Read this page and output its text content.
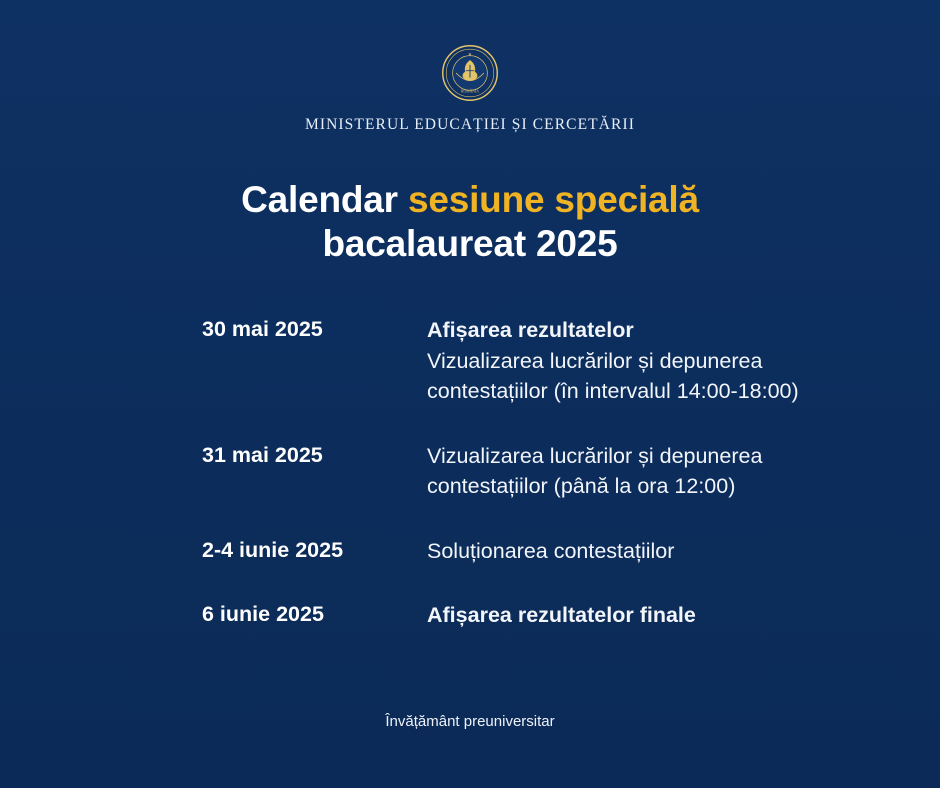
★
ROMÂNIA
MINISTERUL EDUCAȚIEI ȘI CERCETĂRII
Calendar sesiune specială
bacalaureat 2025
30 mai 2025	Afișarea rezultatelor
Vizualizarea lucrărilor și depunerea contestațiilor (în intervalul 14:00-18:00)
31 mai 2025	Vizualizarea lucrărilor și depunerea contestațiilor (până la ora 12:00)
2-4 iunie 2025	Soluționarea contestațiilor
6 iunie 2025	Afișarea rezultatelor finale
Învățământ preuniversitar
